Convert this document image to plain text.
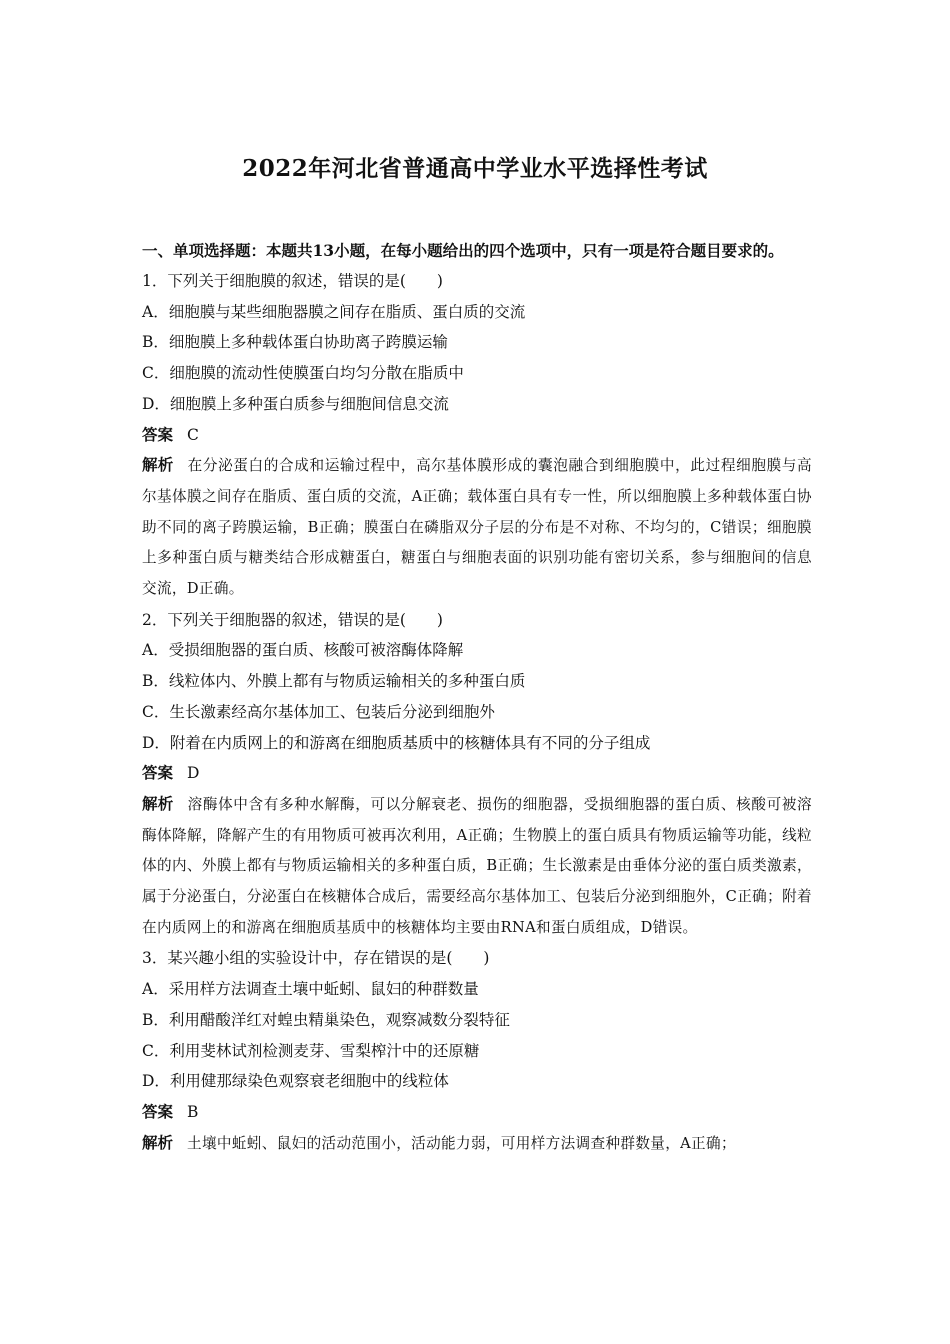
2022年河北省普通高中学业水平选择性考试
一、单项选择题：本题共13小题，在每小题给出的四个选项中，只有一项是符合题目要求的。
1．下列关于细胞膜的叙述，错误的是(　　)
A．细胞膜与某些细胞器膜之间存在脂质、蛋白质的交流
B．细胞膜上多种载体蛋白协助离子跨膜运输
C．细胞膜的流动性使膜蛋白均匀分散在脂质中
D．细胞膜上多种蛋白质参与细胞间信息交流
答案 C
解析 在分泌蛋白的合成和运输过程中，高尔基体膜形成的囊泡融合到细胞膜中，此过程细胞膜与高尔基体膜之间存在脂质、蛋白质的交流，A正确；载体蛋白具有专一性，所以细胞膜上多种载体蛋白协助不同的离子跨膜运输，B正确；膜蛋白在磷脂双分子层的分布是不对称、不均匀的，C错误；细胞膜上多种蛋白质与糖类结合形成糖蛋白，糖蛋白与细胞表面的识别功能有密切关系，参与细胞间的信息交流，D正确。
2．下列关于细胞器的叙述，错误的是(　　)
A．受损细胞器的蛋白质、核酸可被溶酶体降解
B．线粒体内、外膜上都有与物质运输相关的多种蛋白质
C．生长激素经高尔基体加工、包装后分泌到细胞外
D．附着在内质网上的和游离在细胞质基质中的核糖体具有不同的分子组成
答案 D
解析 溶酶体中含有多种水解酶，可以分解衰老、损伤的细胞器，受损细胞器的蛋白质、核酸可被溶酶体降解，降解产生的有用物质可被再次利用，A正确；生物膜上的蛋白质具有物质运输等功能，线粒体的内、外膜上都有与物质运输相关的多种蛋白质，B正确；生长激素是由垂体分泌的蛋白质类激素，属于分泌蛋白，分泌蛋白在核糖体合成后，需要经高尔基体加工、包装后分泌到细胞外，C正确；附着在内质网上的和游离在细胞质基质中的核糖体均主要由RNA和蛋白质组成，D错误。
3．某兴趣小组的实验设计中，存在错误的是(　　)
A．采用样方法调查土壤中蚯蚓、鼠妇的种群数量
B．利用醋酸洋红对蝗虫精巢染色，观察减数分裂特征
C．利用斐林试剂检测麦芽、雪梨榨汁中的还原糖
D．利用健那绿染色观察衰老细胞中的线粒体
答案 B
解析 土壤中蚯蚓、鼠妇的活动范围小，活动能力弱，可用样方法调查种群数量，A正确；
